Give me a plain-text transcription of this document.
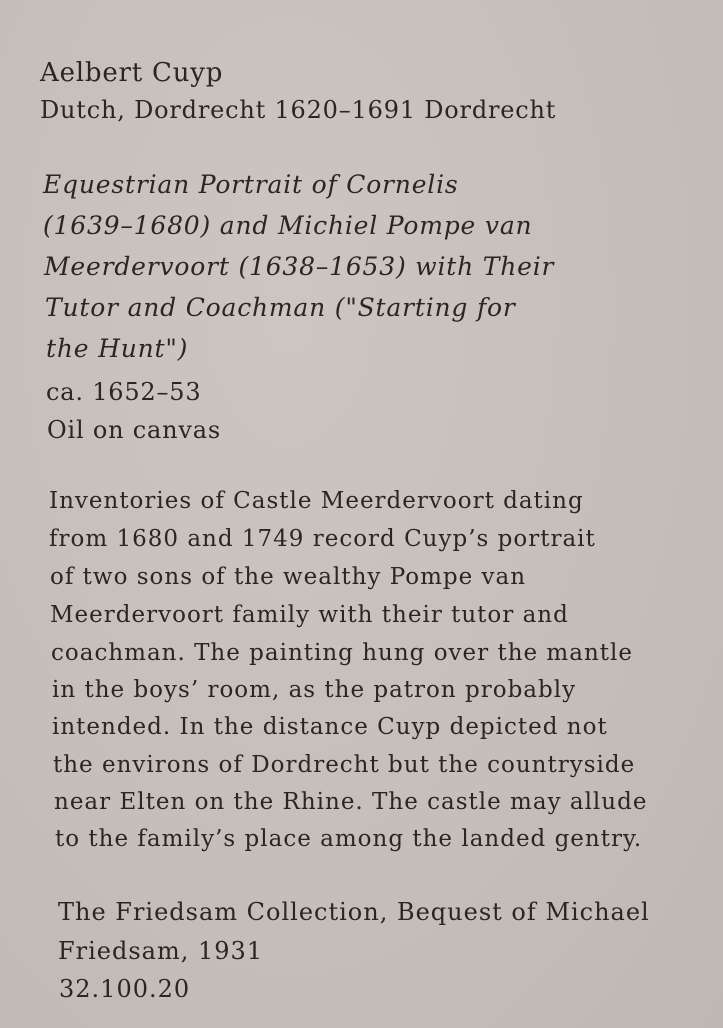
Aelbert Cuyp
Dutch, Dordrecht 1620–1691 Dordrecht
Equestrian Portrait of Cornelis
(1639–1680) and Michiel Pompe van
Meerdervoort (1638–1653) with Their
Tutor and Coachman ("Starting for
the Hunt")
ca. 1652–53
Oil on canvas
Inventories of Castle Meerdervoort dating
from 1680 and 1749 record Cuyp’s portrait
of two sons of the wealthy Pompe van
Meerdervoort family with their tutor and
coachman. The painting hung over the mantle
in the boys’ room, as the patron probably
intended. In the distance Cuyp depicted not
the environs of Dordrecht but the countryside
near Elten on the Rhine. The castle may allude
to the family’s place among the landed gentry.
The Friedsam Collection, Bequest of Michael
Friedsam, 1931
32.100.20
